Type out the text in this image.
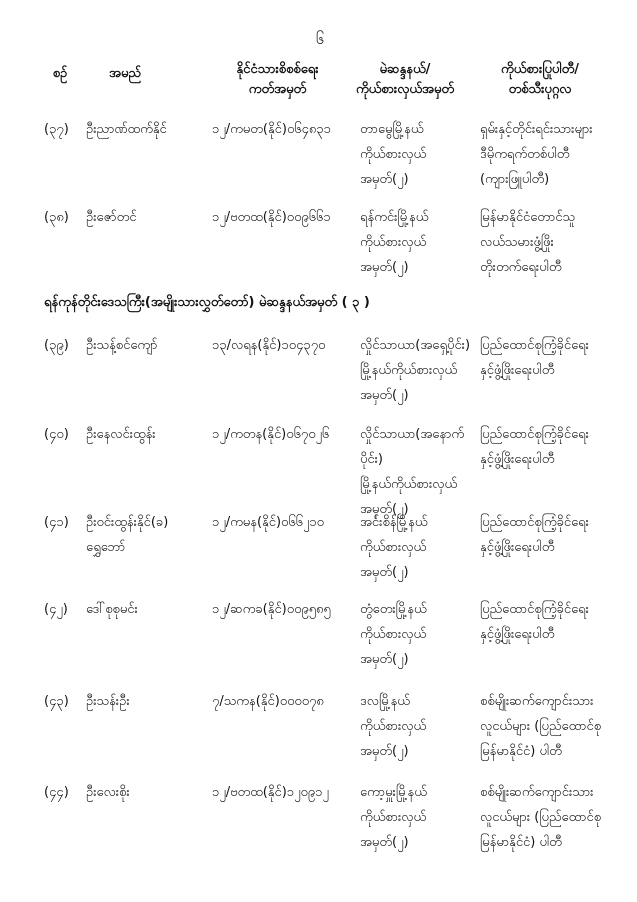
၆
စဉ်	အမည်	နိုင်ငံသားစိစစ်ရေး
ကတ်အမှတ်
မဲဆန္ဒနယ်/
ကိုယ်စားလှယ်အမှတ်
ကိုယ်စားပြုပါတီ/
တစ်သီးပုဂ္ဂလ
(၃၇) ဦးညာဏ်ထက်နိုင်	၁၂/ကမတ(နိုင်)၀၆၄၈၃၁	တာမွေမြို့နယ်
ကိုယ်စားလှယ်
အမှတ်(၂)
ရှမ်းနှင့်တိုင်းရင်းသားများ
ဒီမိုကရက်တစ်ပါတီ
(ကျားဖြူပါတီ)
(၃၈) ဦးဇော်တင်	၁၂/ဗတထ(နိုင်)၀၀၉၆၆၁	ရန်ကင်းမြို့နယ်
ကိုယ်စားလှယ်
အမှတ်(၂)
မြန်မာနိုင်ငံတောင်သူ
လယ်သမားဖွံ့ဖြိုး
တိုးတက်ရေးပါတီ
ရန်ကုန်တိုင်းဒေသကြီး(အမျိုးသားလွှတ်တော်) မဲဆန္ဒနယ်အမှတ် ( ၃ )
(၃၉) ဦးသန့်စင်ကျော်	၁၃/လရန(နိုင်)၁၀၄၃၇၀	လှိုင်သာယာ(အရှေ့ပိုင်း)
မြို့နယ်ကိုယ်စားလှယ်
အမှတ်(၂)
ပြည်ထောင်စုကြံ့ခိုင်ရေး
နှင့်ဖွံ့ဖြိုးရေးပါတီ
(၄၀) ဦးနေလင်းထွန်း	၁၂/ကတန(နိုင်)၀၆၇၀၂၆	လှိုင်သာယာ(အနောက်ပိုင်း)
မြို့နယ်ကိုယ်စားလှယ်
အမှတ်(၂)
ပြည်ထောင်စုကြံ့ခိုင်ရေး
နှင့်ဖွံ့ဖြိုးရေးပါတီ
(၄၁) ဦးဝင်းထွန်းနိုင်(ခ)
ရွှေဘော်
၁၂/ကမန(နိုင်)၀၆၆၂၁၀	အင်းစိန်မြို့နယ်
ကိုယ်စားလှယ်
အမှတ်(၂)
ပြည်ထောင်စုကြံ့ခိုင်ရေး
နှင့်ဖွံ့ဖြိုးရေးပါတီ
(၄၂) ဒေါ်စုစုမင်း	၁၂/ဆကခ(နိုင်)၀၀၉၅၈၅	တွံတေးမြို့နယ်
ကိုယ်စားလှယ်
အမှတ်(၂)
ပြည်ထောင်စုကြံ့ခိုင်ရေး
နှင့်ဖွံ့ဖြိုးရေးပါတီ
(၄၃) ဦးသန်းဦး	၇/သကန(နိုင်)၀၀၀၀၇၈	ဒလမြို့နယ်
ကိုယ်စားလှယ်
အမှတ်(၂)
စစ်မျိုးဆက်ကျောင်းသား
လူငယ်များ (ပြည်ထောင်စု
မြန်မာနိုင်ငံ) ပါတီ
(၄၄) ဦးလေးစိုး	၁၂/ဗတထ(နိုင်)၁၂၀၉၁၂	ကော့မှူးမြို့နယ်
ကိုယ်စားလှယ်
အမှတ်(၂)
စစ်မျိုးဆက်ကျောင်းသား
လူငယ်များ (ပြည်ထောင်စု
မြန်မာနိုင်ငံ) ပါတီ
